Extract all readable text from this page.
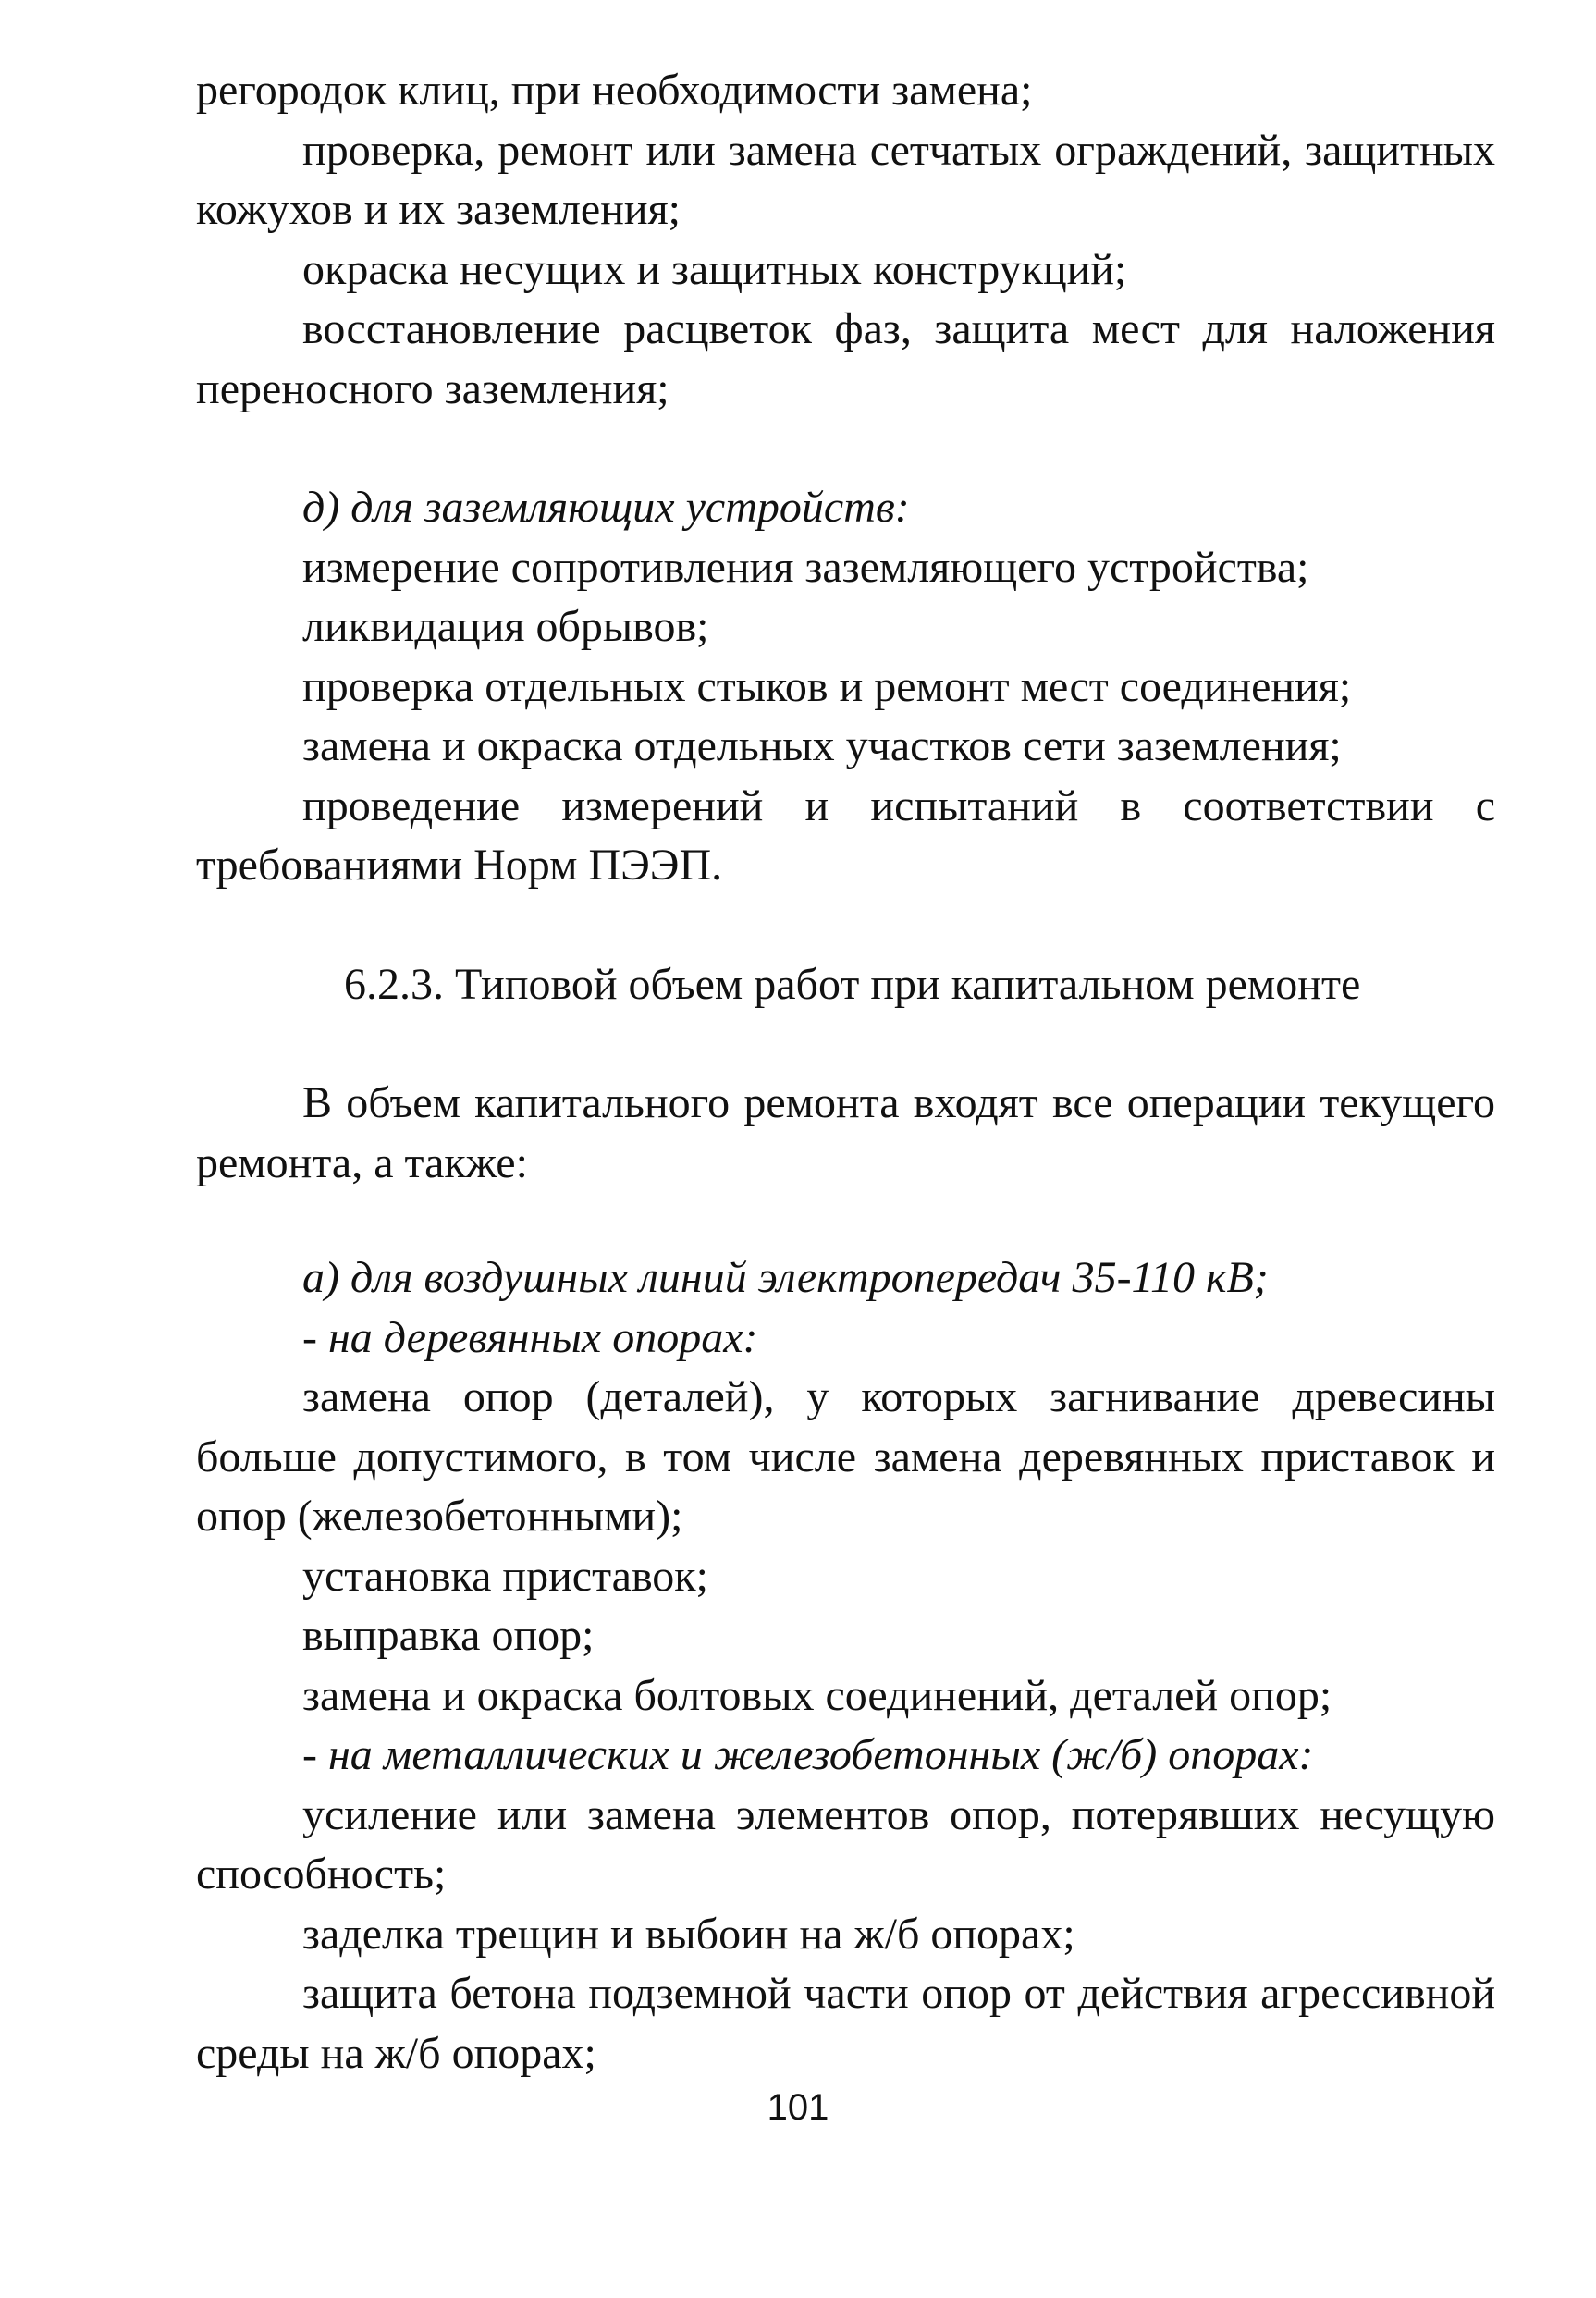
регородок клиц, при необходимости замена;

проверка, ремонт или замена сетчатых ограждений, защитных кожухов и их заземления;

окраска несущих и защитных конструкций;

восстановление расцветок фаз, защита мест для наложения переносного заземления;

д) для заземляющих устройств:

измерение сопротивления заземляющего устройства;

ликвидация обрывов;

проверка отдельных стыков и ремонт мест соединения;

замена и окраска отдельных участков сети заземления;

проведение измерений и испытаний в соответствии с требованиями Норм ПЭЭП.

6.2.3. Типовой объем работ при капитальном ремонте

В объем капитального ремонта входят все операции текущего ремонта, а также:

а) для воздушных линий электропередач 35-110 кВ;

- на деревянных опорах:

замена опор (деталей), у которых загнивание древесины больше допустимого, в том числе замена деревянных приставок и опор (железобетонными);

установка приставок;

выправка опор;

замена и окраска болтовых соединений, деталей опор;

- на металлических и железобетонных (ж/б) опорах:

усиление или замена элементов опор, потерявших несущую способность;

заделка трещин и выбоин на ж/б опорах;

защита бетона подземной части опор от действия агрессивной среды на ж/б опорах;

101
